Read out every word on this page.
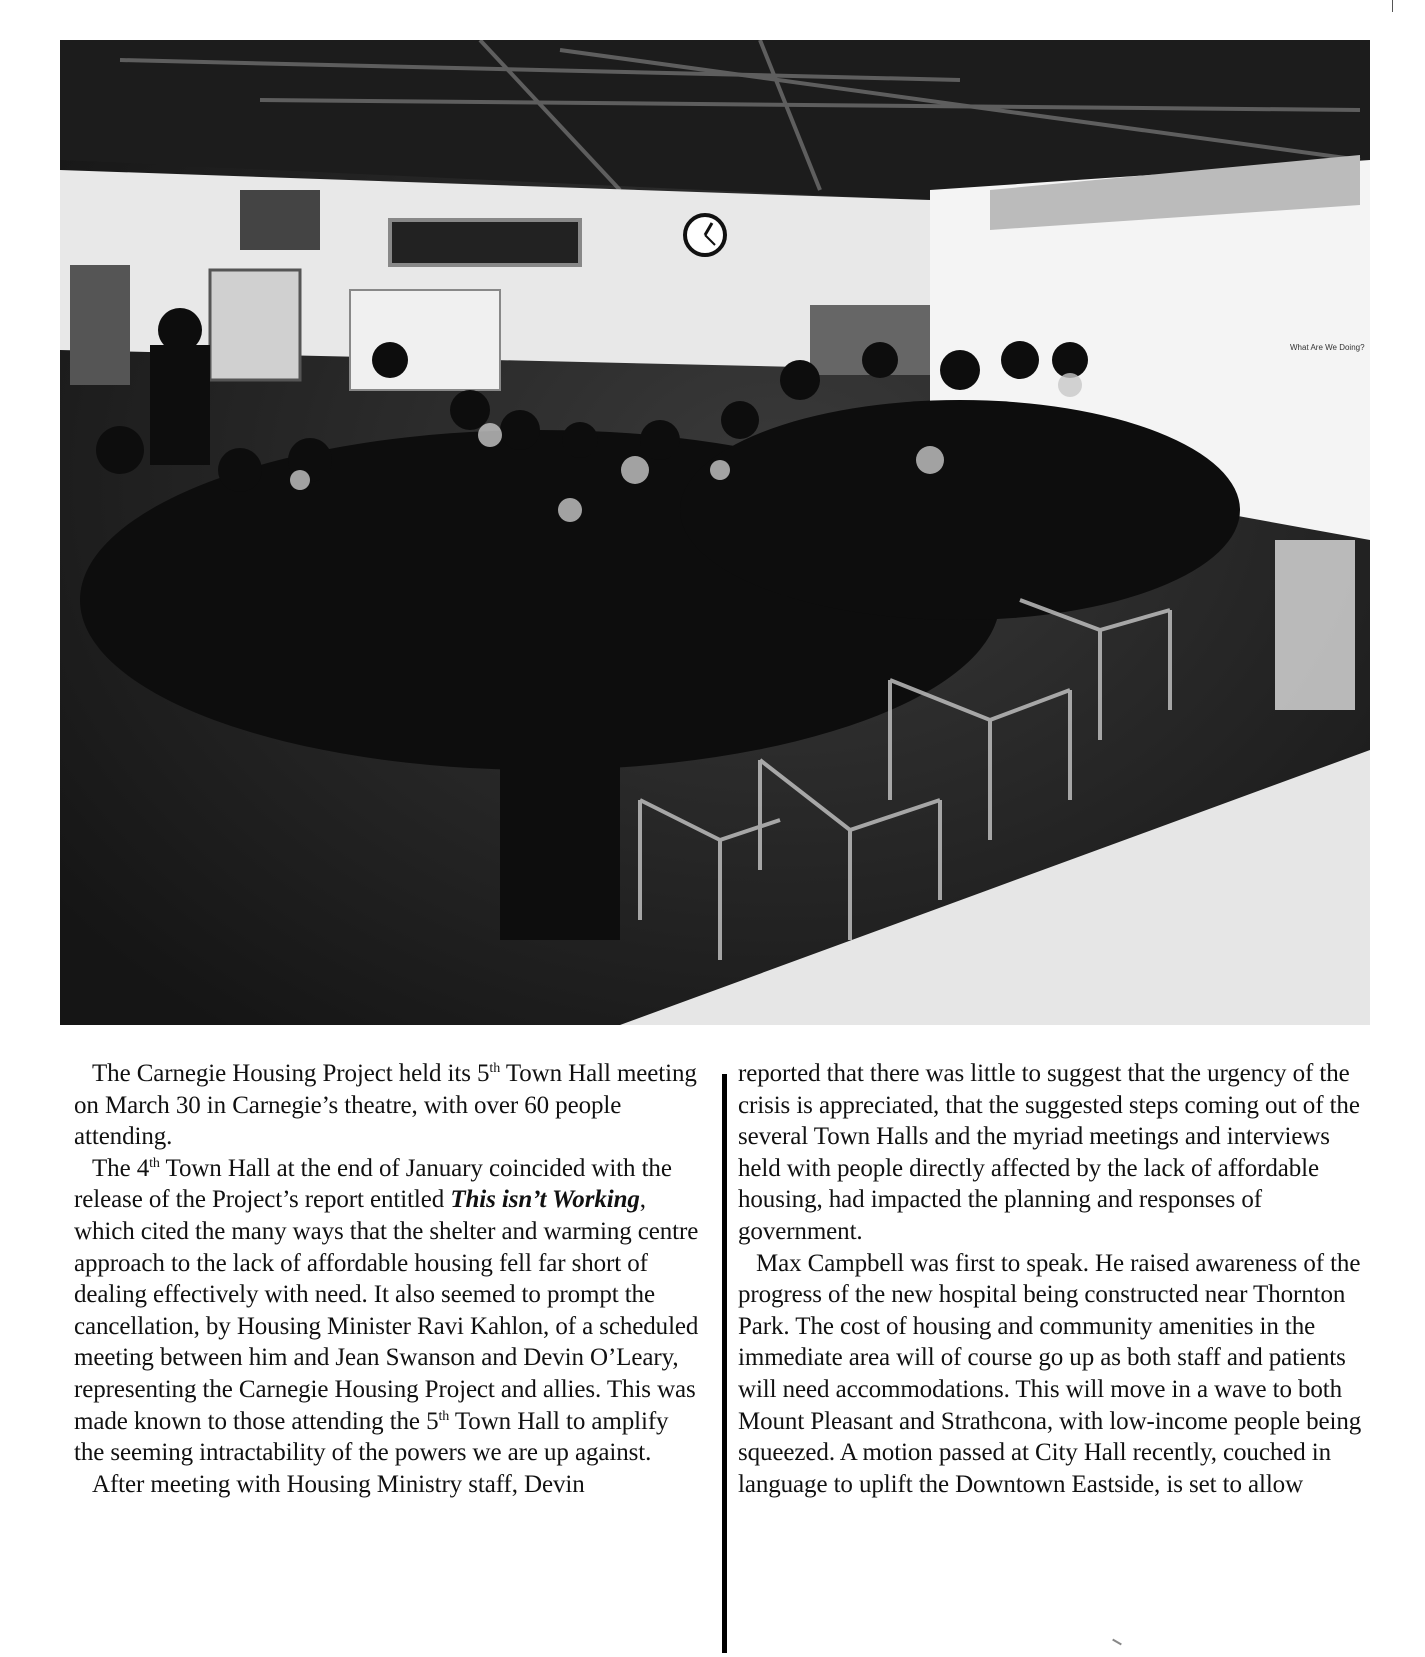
What Are We Doing?

The Carnegie Housing Project held its 5th Town Hall meeting on March 30 in Carnegie’s theatre, with over 60 people attending.

The 4th Town Hall at the end of January coincided with the release of the Project’s report entitled This isn’t Working, which cited the many ways that the shelter and warming centre approach to the lack of affordable housing fell far short of dealing effectively with need. It also seemed to prompt the cancellation, by Housing Minister Ravi Kahlon, of a scheduled meeting between him and Jean Swanson and Devin O’Leary, representing the Carnegie Housing Project and allies. This was made known to those attending the 5th Town Hall to amplify the seeming intractability of the powers we are up against.

After meeting with Housing Ministry staff, Devin

reported that there was little to suggest that the urgency of the crisis is appreciated, that the suggested steps coming out of the several Town Halls and the myriad meetings and interviews held with people directly affected by the lack of affordable housing, had impacted the planning and responses of government.

Max Campbell was first to speak. He raised awareness of the progress of the new hospital being constructed near Thornton Park. The cost of housing and community amenities in the immediate area will of course go up as both staff and patients will need accommodations. This will move in a wave to both Mount Pleasant and Strathcona, with low-income people being squeezed. A motion passed at City Hall recently, couched in language to uplift the Downtown Eastside, is set to allow
